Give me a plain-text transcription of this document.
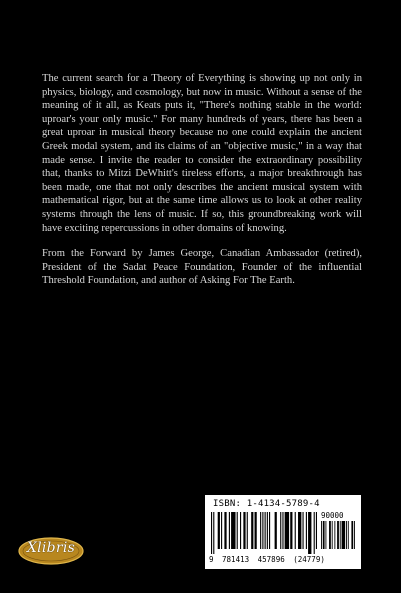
The current search for a Theory of Everything is showing up not only in physics, biology, and cosmology, but now in music. Without a sense of the meaning of it all, as Keats puts it, "There's nothing stable in the world: uproar's your only music." For many hundreds of years, there has been a great uproar in musical theory because no one could explain the ancient Greek modal system, and its claims of an "objective music," in a way that made sense. I invite the reader to consider the extraordinary possibility that, thanks to Mitzi DeWhitt's tireless efforts, a major breakthrough has been made, one that not only describes the ancient musical system with mathematical rigor, but at the same time allows us to look at other reality systems through the lens of music. If so, this groundbreaking work will have exciting repercussions in other domains of knowing.

From the Forward by James George, Canadian Ambassador (retired), President of the Sadat Peace Foundation, Founder of the influential Threshold Foundation, and author of Asking For The Earth.

ISBN: 1-4134-5789-4
90000
9 781413 457896 (24779)
Xlibris
